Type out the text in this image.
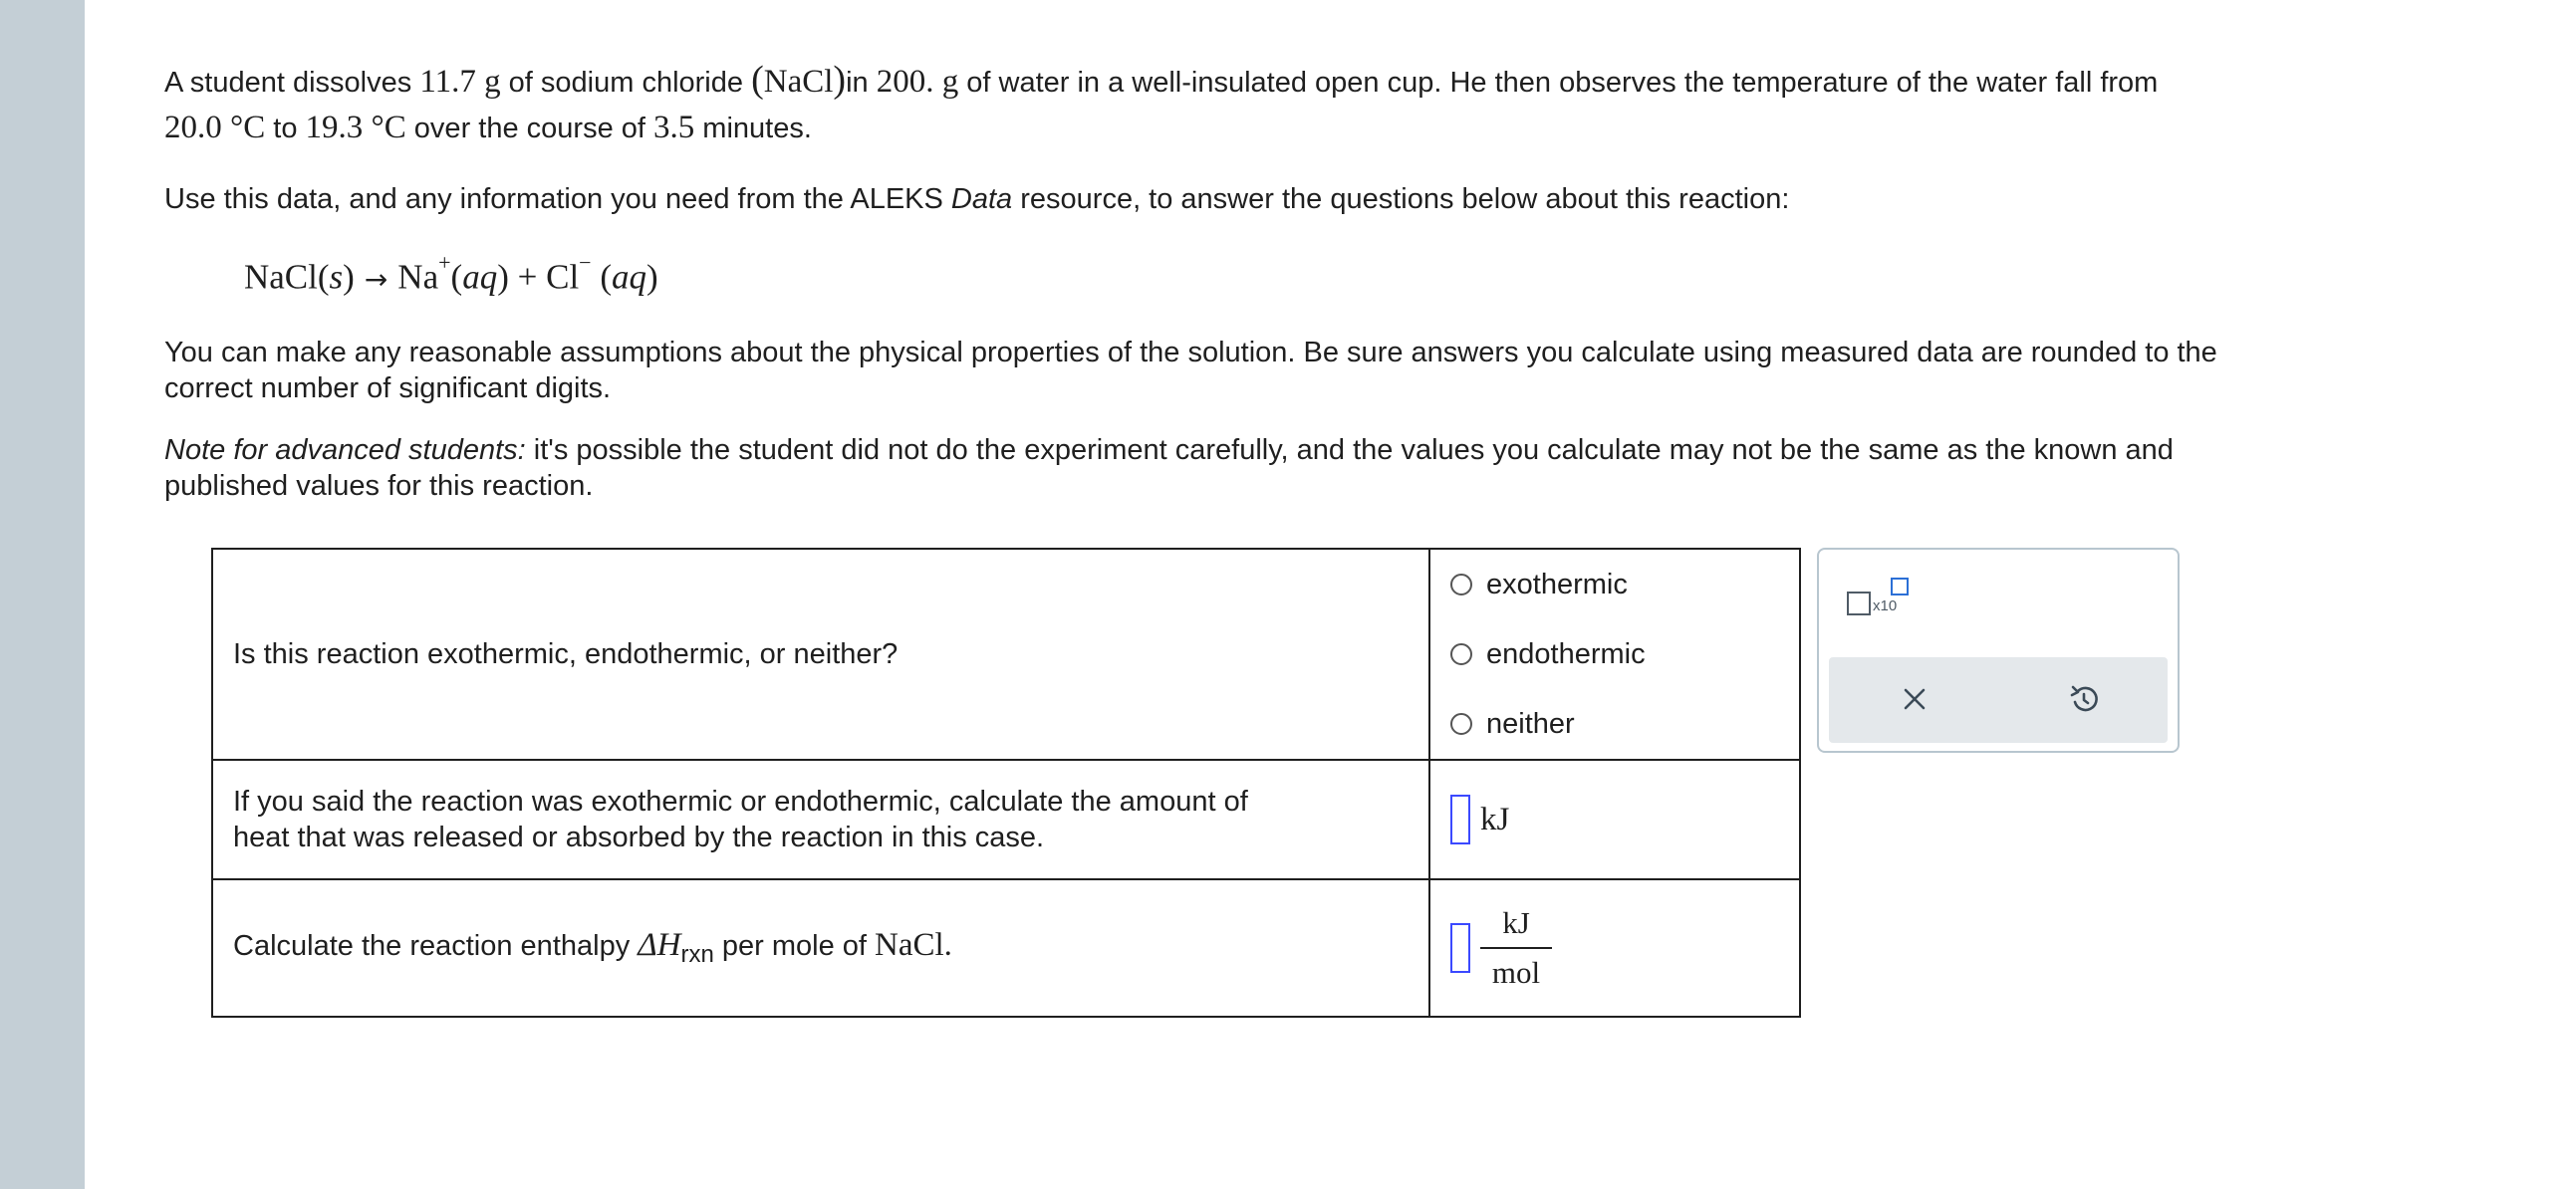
A student dissolves 11.7 g of sodium chloride (NaCl)in 200. g of water in a well-insulated open cup. He then observes the temperature of the water fall from

20.0 °C to 19.3 °C over the course of 3.5 minutes.

Use this data, and any information you need from the ALEKS Data resource, to answer the questions below about this reaction:

NaCl(s) → Na+(aq) + Cl− (aq)

You can make any reasonable assumptions about the physical properties of the solution. Be sure answers you calculate using measured data are rounded to the

correct number of significant digits.

Note for advanced students: it's possible the student did not do the experiment carefully, and the values you calculate may not be the same as the known and

published values for this reaction.

Is this reaction exothermic, endothermic, or neither?	exothermic
endothermic
neither

If you said the reaction was exothermic or endothermic, calculate the amount of
heat that was released or absorbed by the reaction in this case.	kJ

Calculate the reaction enthalpy $\Delta H_{rxn}$ per mole of NaCl.	$\frac{kJ}{\text{mol}}$
x10
